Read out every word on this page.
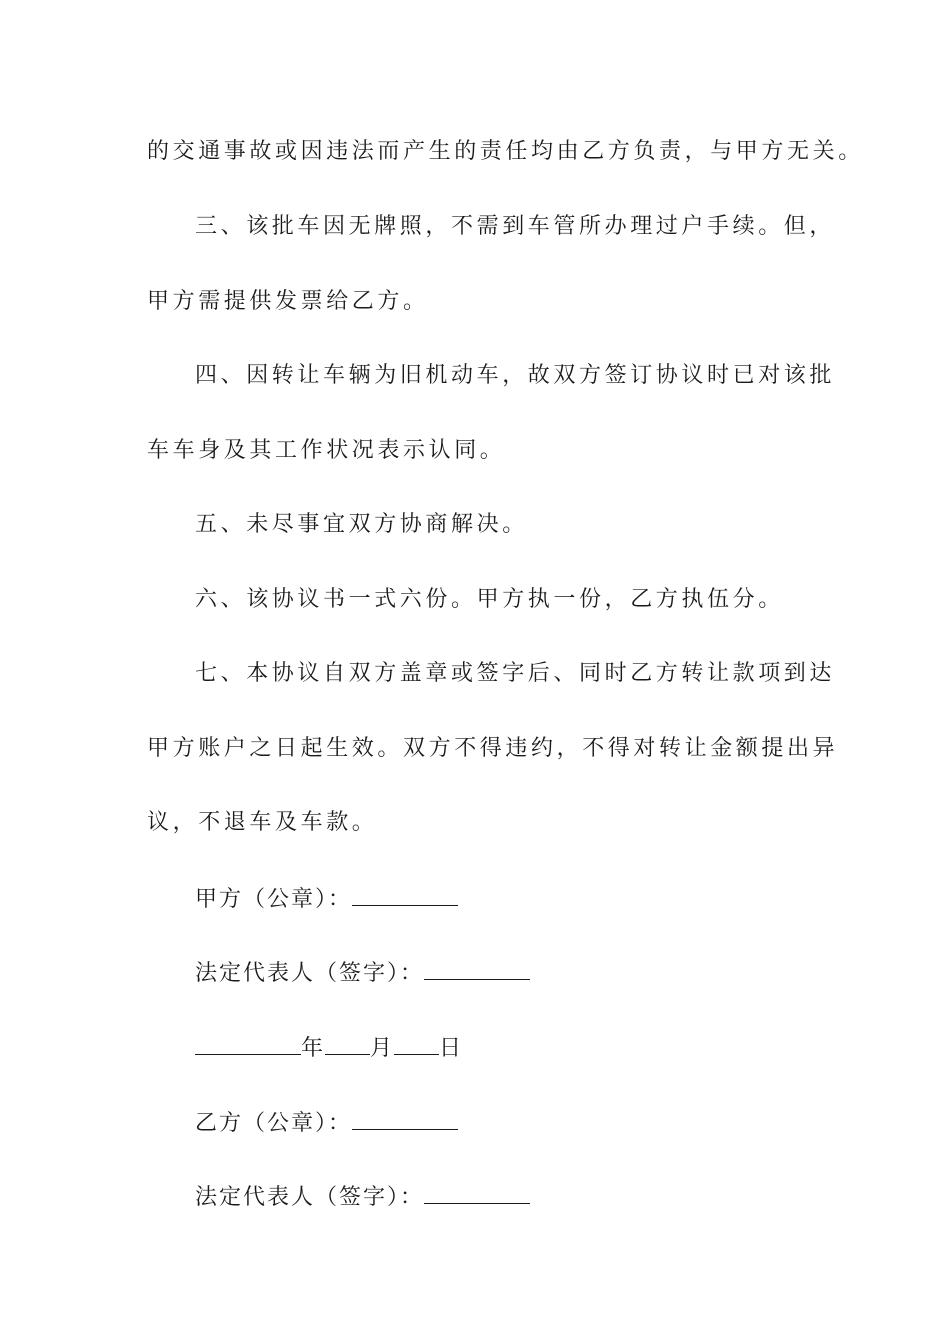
的交通事故或因违法而产生的责任均由乙方负责，与甲方无关。
三、该批车因无牌照，不需到车管所办理过户手续。但，
甲方需提供发票给乙方。
四、因转让车辆为旧机动车，故双方签订协议时已对该批
车车身及其工作状况表示认同。
五、未尽事宜双方协商解决。
六、该协议书一式六份。甲方执一份，乙方执伍分。
七、本协议自双方盖章或签字后、同时乙方转让款项到达
甲方账户之日起生效。双方不得违约，不得对转让金额提出异
议，不退车及车款。
甲方（公章）：
法定代表人（签字）：
年 月 日
乙方（公章）：
法定代表人（签字）：
